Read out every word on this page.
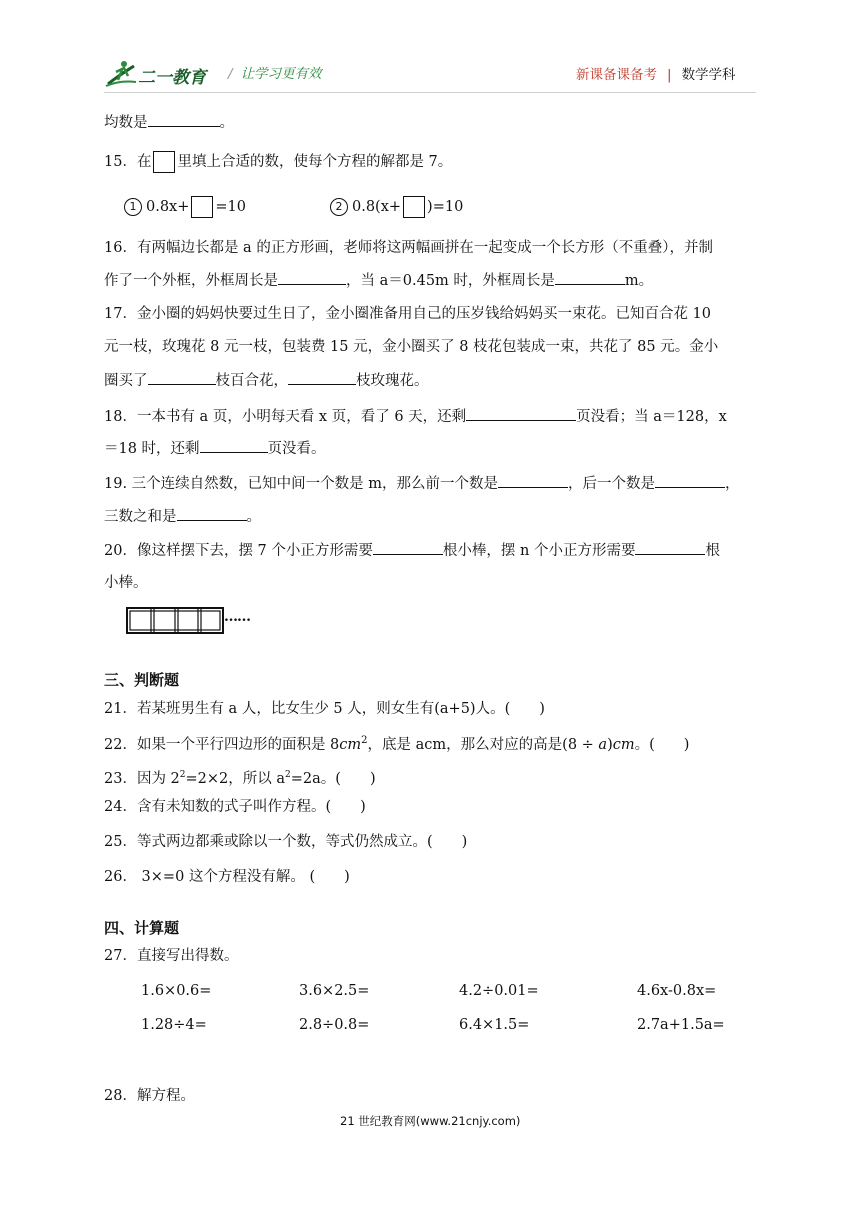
二一教育 / 让学习更有效	新课备课备考 | 数学学科
均数是	。
15．在 里填上合适的数，使每个方程的解都是 7。
1 0.8x+ =10	2 0.8(x+ )=10
16．有两幅边长都是 a 的正方形画，老师将这两幅画拼在一起变成一个长方形（不重叠），并制
作了一个外框，外框周长是	，当 a＝0.45m 时，外框周长是	m。
17．金小圈的妈妈快要过生日了，金小圈准备用自己的压岁钱给妈妈买一束花。已知百合花 10
元一枝，玫瑰花 8 元一枝，包装费 15 元，金小圈买了 8 枝花包装成一束，共花了 85 元。金小
圈买了	枝百合花，	枝玫瑰花。
18．一本书有 a 页，小明每天看 x 页，看了 6 天，还剩	页没看；当 a＝128，x
＝18 时，还剩	页没看。
19. 三个连续自然数，已知中间一个数是 m，那么前一个数是	，后一个数是	，
三数之和是	。
20．像这样摆下去，摆 7 个小正方形需要	根小棒，摆 n 个小正方形需要	根
小棒。
……
三、判断题
21．若某班男生有 a 人，比女生少 5 人，则女生有(a+5)人。(　　)
22．如果一个平行四边形的面积是 $8cm^2$，底是 acm，那么对应的高是(8 ÷ a)cm。(　　)
23．因为 $2^2=2\times 2$，所以 $a^2=2a$。(　　)
24．含有未知数的式子叫作方程。(　　)
25．等式两边都乘或除以一个数，等式仍然成立。(　　)
26． 3×=0 这个方程没有解。 (　　)
四、计算题
27．直接写出得数。
1.6×0.6=	3.6×2.5=	4.2÷0.01=	4.6x-0.8x=
1.28÷4=	2.8÷0.8=	6.4×1.5=	2.7a+1.5a=
28．解方程。
21 世纪教育网(www.21cnjy.com)
